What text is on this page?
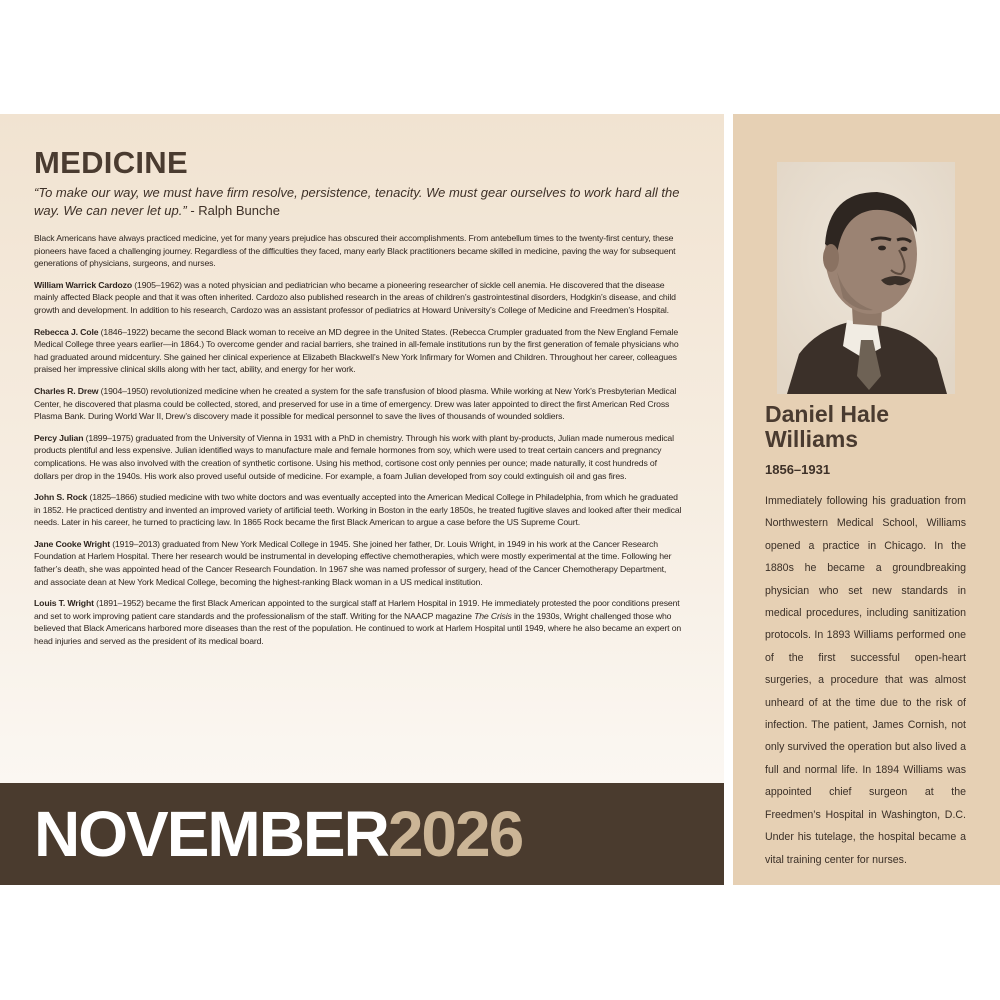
MEDICINE
“To make our way, we must have firm resolve, persistence, tenacity. We must gear ourselves to work hard all the way. We can never let up.” - Ralph Bunche

Black Americans have always practiced medicine, yet for many years prejudice has obscured their accomplishments. From antebellum times to the twenty-first century, these pioneers have faced a challenging journey. Regardless of the difficulties they faced, many early Black practitioners became skilled in medicine, paving the way for subsequent generations of physicians, surgeons, and nurses.

William Warrick Cardozo (1905–1962) was a noted physician and pediatrician who became a pioneering researcher of sickle cell anemia. He discovered that the disease mainly affected Black people and that it was often inherited. Cardozo also published research in the areas of children’s gastrointestinal disorders, Hodgkin’s disease, and child growth and development. In addition to his research, Cardozo was an assistant professor of pediatrics at Howard University’s College of Medicine and Freedmen’s Hospital.

Rebecca J. Cole (1846–1922) became the second Black woman to receive an MD degree in the United States. (Rebecca Crumpler graduated from the New England Female Medical College three years earlier—in 1864.) To overcome gender and racial barriers, she trained in all-female institutions run by the first generation of female physicians who had graduated around midcentury. She gained her clinical experience at Elizabeth Blackwell’s New York Infirmary for Women and Children. Throughout her career, colleagues praised her impressive clinical skills along with her tact, ability, and energy for her work.

Charles R. Drew (1904–1950) revolutionized medicine when he created a system for the safe transfusion of blood plasma. While working at New York’s Presbyterian Medical Center, he discovered that plasma could be collected, stored, and preserved for use in a time of emergency. Drew was later appointed to direct the first American Red Cross Plasma Bank. During World War II, Drew’s discovery made it possible for medical personnel to save the lives of thousands of wounded soldiers.

Percy Julian (1899–1975) graduated from the University of Vienna in 1931 with a PhD in chemistry. Through his work with plant by-products, Julian made numerous medical products plentiful and less expensive. Julian identified ways to manufacture male and female hormones from soy, which were used to treat certain cancers and pregnancy complications. He was also involved with the creation of synthetic cortisone. Using his method, cortisone cost only pennies per ounce; made naturally, it cost hundreds of dollars per drop in the 1940s. His work also proved useful outside of medicine. For example, a foam Julian developed from soy could extinguish oil and gas fires.

John S. Rock (1825–1866) studied medicine with two white doctors and was eventually accepted into the American Medical College in Philadelphia, from which he graduated in 1852. He practiced dentistry and invented an improved variety of artificial teeth. Working in Boston in the early 1850s, he treated fugitive slaves and looked after their medical needs. Later in his career, he turned to practicing law. In 1865 Rock became the first Black American to argue a case before the US Supreme Court.

Jane Cooke Wright (1919–2013) graduated from New York Medical College in 1945. She joined her father, Dr. Louis Wright, in 1949 in his work at the Cancer Research Foundation at Harlem Hospital. There her research would be instrumental in developing effective chemotherapies, which were mostly experimental at the time. Following her father’s death, she was appointed head of the Cancer Research Foundation. In 1967 she was named professor of surgery, head of the Cancer Chemotherapy Department, and associate dean at New York Medical College, becoming the highest-ranking Black woman in a US medical institution.

Louis T. Wright (1891–1952) became the first Black American appointed to the surgical staff at Harlem Hospital in 1919. He immediately protested the poor conditions present and set to work improving patient care standards and the professionalism of the staff. Writing for the NAACP magazine The Crisis in the 1930s, Wright challenged those who believed that Black Americans harbored more diseases than the rest of the population. He continued to work at Harlem Hospital until 1949, where he also became an expert on head injuries and served as the president of its medical board.

NOVEMBER2026
Daniel Hale Williams
1856–1931
Immediately following his graduation from Northwestern Medical School, Williams opened a practice in Chicago. In the 1880s he became a groundbreaking physician who set new standards in medical procedures, including sanitization protocols. In 1893 Williams performed one of the first successful open-heart surgeries, a procedure that was almost unheard of at the time due to the risk of infection. The patient, James Cornish, not only survived the operation but also lived a full and normal life. In 1894 Williams was appointed chief surgeon at the Freedmen’s Hospital in Washington, D.C. Under his tutelage, the hospital became a vital training center for nurses.
